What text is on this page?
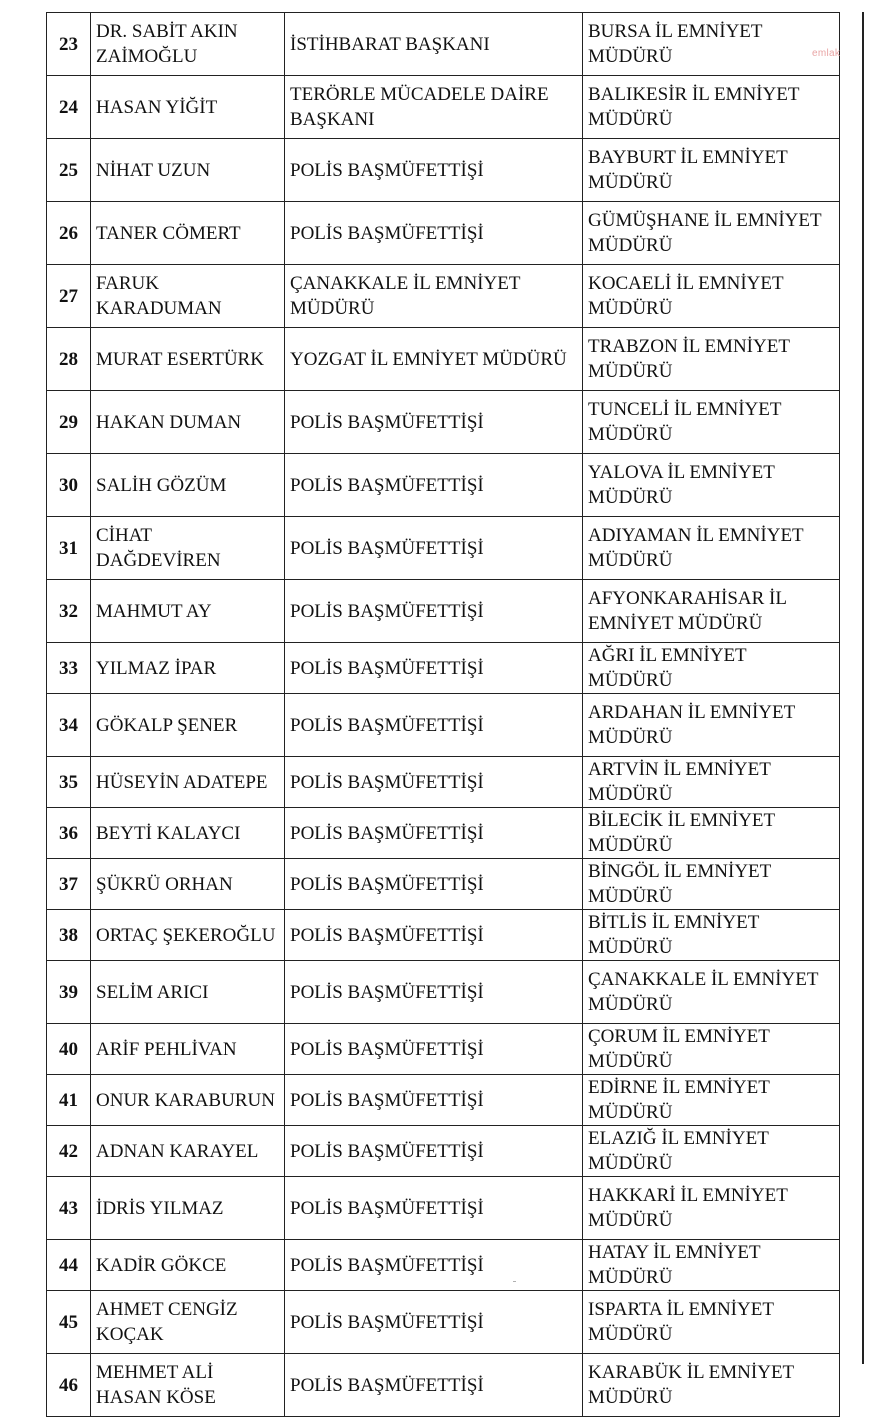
23	DR. SABİT AKIN ZAİMOĞLU	İSTİHBARAT BAŞKANI	BURSA İL EMNİYET MÜDÜRÜ
24	HASAN YİĞİT	TERÖRLE MÜCADELE DAİRE BAŞKANI	BALIKESİR İL EMNİYET MÜDÜRÜ
25	NİHAT UZUN	POLİS BAŞMÜFETTİŞİ	BAYBURT İL EMNİYET MÜDÜRÜ
26	TANER CÖMERT	POLİS BAŞMÜFETTİŞİ	GÜMÜŞHANE İL EMNİYET MÜDÜRÜ
27	FARUK KARADUMAN	ÇANAKKALE İL EMNİYET MÜDÜRÜ	KOCAELİ İL EMNİYET MÜDÜRÜ
28	MURAT ESERTÜRK	YOZGAT İL EMNİYET MÜDÜRÜ	TRABZON İL EMNİYET MÜDÜRÜ
29	HAKAN DUMAN	POLİS BAŞMÜFETTİŞİ	TUNCELİ İL EMNİYET MÜDÜRÜ
30	SALİH GÖZÜM	POLİS BAŞMÜFETTİŞİ	YALOVA İL EMNİYET MÜDÜRÜ
31	CİHAT DAĞDEVİREN	POLİS BAŞMÜFETTİŞİ	ADIYAMAN İL EMNİYET MÜDÜRÜ
32	MAHMUT AY	POLİS BAŞMÜFETTİŞİ	AFYONKARAHİSAR İL EMNİYET MÜDÜRÜ
33	YILMAZ İPAR	POLİS BAŞMÜFETTİŞİ	AĞRI İL EMNİYET MÜDÜRÜ
34	GÖKALP ŞENER	POLİS BAŞMÜFETTİŞİ	ARDAHAN İL EMNİYET MÜDÜRÜ
35	HÜSEYİN ADATEPE	POLİS BAŞMÜFETTİŞİ	ARTVİN İL EMNİYET MÜDÜRÜ
36	BEYTİ KALAYCI	POLİS BAŞMÜFETTİŞİ	BİLECİK İL EMNİYET MÜDÜRÜ
37	ŞÜKRÜ ORHAN	POLİS BAŞMÜFETTİŞİ	BİNGÖL İL EMNİYET MÜDÜRÜ
38	ORTAÇ ŞEKEROĞLU	POLİS BAŞMÜFETTİŞİ	BİTLİS İL EMNİYET MÜDÜRÜ
39	SELİM ARICI	POLİS BAŞMÜFETTİŞİ	ÇANAKKALE İL EMNİYET MÜDÜRÜ
40	ARİF PEHLİVAN	POLİS BAŞMÜFETTİŞİ	ÇORUM İL EMNİYET MÜDÜRÜ
41	ONUR KARABURUN	POLİS BAŞMÜFETTİŞİ	EDİRNE İL EMNİYET MÜDÜRÜ
42	ADNAN KARAYEL	POLİS BAŞMÜFETTİŞİ	ELAZIĞ İL EMNİYET MÜDÜRÜ
43	İDRİS YILMAZ	POLİS BAŞMÜFETTİŞİ	HAKKARİ İL EMNİYET MÜDÜRÜ
44	KADİR GÖKCE	POLİS BAŞMÜFETTİŞİ	HATAY İL EMNİYET MÜDÜRÜ
45	AHMET CENGİZ KOÇAK	POLİS BAŞMÜFETTİŞİ	ISPARTA İL EMNİYET MÜDÜRÜ
46	MEHMET ALİ HASAN KÖSE	POLİS BAŞMÜFETTİŞİ	KARABÜK İL EMNİYET MÜDÜRÜ
emlak
